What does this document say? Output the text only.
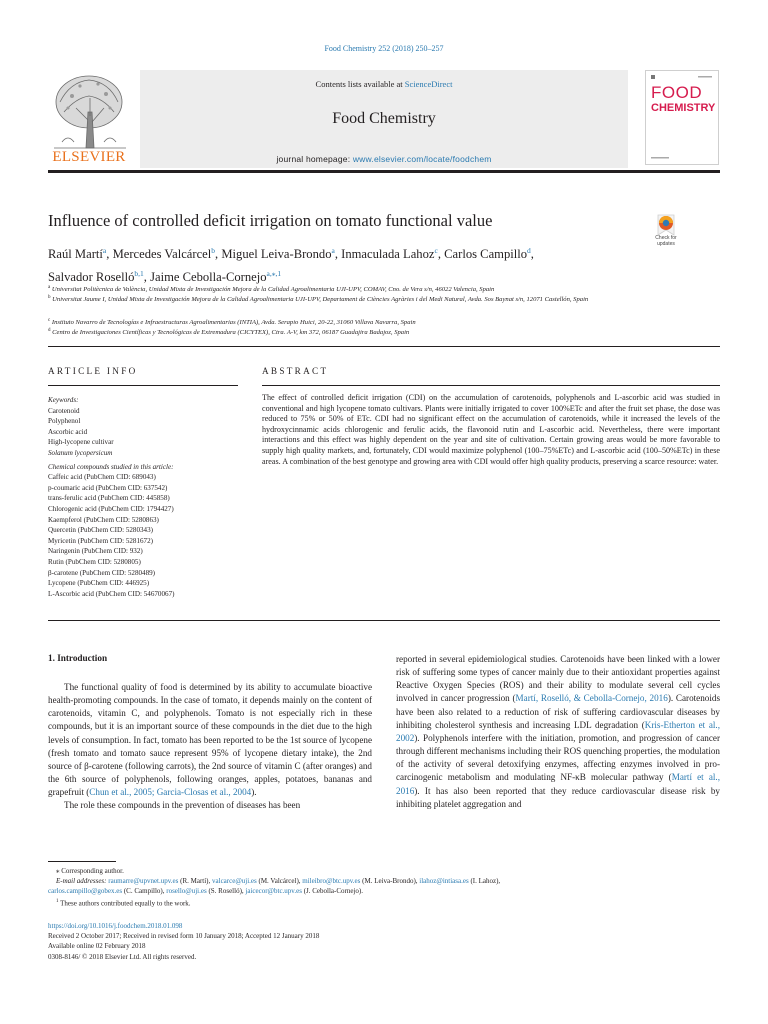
Food Chemistry 252 (2018) 250–257
ELSEVIER
Contents lists available at ScienceDirect
Food Chemistry
journal homepage: www.elsevier.com/locate/foodchem
FOOD
CHEMISTRY
Influence of controlled deficit irrigation on tomato functional value
Check for
updates
Raúl Martí$^a$, Mercedes Valcárcel$^b$, Miguel Leiva-Brondo$^a$, Inmaculada Lahoz$^c$, Carlos Campillo$^d$,
Salvador Roselló$^{b,1}$, Jaime Cebolla-Cornejo$^{a,⁎,1}$
$^a$ Universitat Politècnica de València, Unidad Mixta de Investigación Mejora de la Calidad Agroalimentaria UJI-UPV, COMAV, Cno. de Vera s/n, 46022 Valencia, Spain
$^b$ Universitat Jaume I, Unidad Mixta de Investigación Mejora de la Calidad Agroalimentaria UJI-UPV, Departament de Ciències Agràries i del Medi Natural, Avda. Sos Baynat s/n, 12071 Castellón, Spain
$^c$ Instituto Navarro de Tecnologías e Infraestructuras Agroalimentarias (INTIA), Avda. Serapio Huici, 20-22, 31060 Villava Navarra, Spain
$^d$ Centro de Investigaciones Científicas y Tecnológicas de Extremadura (CICYTEX), Ctra. A-V, km 372, 06187 Guadajira Badajoz, Spain
ARTICLE INFO	ABSTRACT
Keywords:
Carotenoid
Polyphenol
Ascorbic acid
High-lycopene cultivar
Solanum lycopersicum
Chemical compounds studied in this article:
Caffeic acid (PubChem CID: 689043)
p-coumaric acid (PubChem CID: 637542)
trans-ferulic acid (PubChem CID: 445858)
Chlorogenic acid (PubChem CID: 1794427)
Kaempferol (PubChem CID: 5280863)
Quercetin (PubChem CID: 5280343)
Myricetin (PubChem CID: 5281672)
Naringenin (PubChem CID: 932)
Rutin (PubChem CID: 5280805)
β-carotene (PubChem CID: 5280489)
Lycopene (PubChem CID: 446925)
L-Ascorbic acid (PubChem CID: 54670067)
The effect of controlled deficit irrigation (CDI) on the accumulation of carotenoids, polyphenols and L-ascorbic acid was studied in conventional and high lycopene tomato cultivars. Plants were initially irrigated to cover 100%ETc and after the fruit set phase, the dose was reduced to 75% or 50% of ETc. CDI had no significant effect on the accumulation of carotenoids, while it increased the levels of the hydroxycinnamic acids chlorogenic and ferulic acids, the flavonoid rutin and L-ascorbic acid. Nevertheless, there were important interactions and this effect was highly dependent on the year and site of cultivation. Certain growing areas would be more favorable to supply high quality markets, and, fortunately, CDI would maximize polyphenol (100–75%ETc) and L-ascorbic acid (100–50%ETc) in these areas. A combination of the best genotype and growing area with CDI would offer high quality products, preserving a scarce resource: water.
1. Introduction

The functional quality of food is determined by its ability to accumulate bioactive health-promoting compounds. In the case of tomato, it depends mainly on the content of carotenoids, vitamin C, and polyphenols. Tomato is not especially rich in these compounds, but it is an important source of these compounds in the diet due to the high levels of consumption. In fact, tomato has been reported to be the 1st source of lycopene (fresh tomato and tomato sauce represent 95% of lycopene dietary intake), the 2nd source of β-carotene (following carrots), the 2nd source of vitamin C (after oranges) and the 6th source of polyphenols, following oranges, apples, potatoes, bananas and grapefruit (Chun et al., 2005; Garcia-Closas et al., 2004).

The role these compounds in the prevention of diseases has been

reported in several epidemiological studies. Carotenoids have been linked with a lower risk of suffering some types of cancer mainly due to their antioxidant properties against Reactive Oxygen Species (ROS) and their ability to modulate several cell cycles involved in cancer progression (Martí, Roselló, & Cebolla-Cornejo, 2016). Carotenoids have been also related to a reduction of risk of suffering cardiovascular diseases by inhibiting cholesterol synthesis and increasing LDL degradation (Kris-Etherton et al., 2002). Polyphenols interfere with the initiation, promotion, and progression of cancer through different mechanisms including their ROS quenching properties, the modulation of the activity of several detoxifying enzymes, affecting enzymes involved in pro-carcinogenic metabolism and modulating NF-κB molecular pathway (Martí et al., 2016). It has also been reported that they reduce cardiovascular disease risk by inhibiting platelet aggregation and

⁎ Corresponding author.
E-mail addresses: raumarre@upvnet.upv.es (R. Martí), valcarce@uji.es (M. Valcárcel), mileibro@btc.upv.es (M. Leiva-Brondo), ilahoz@intiasa.es (I. Lahoz),
carlos.campillo@gobex.es (C. Campillo), rosello@uji.es (S. Roselló), jaicecor@btc.upv.es (J. Cebolla-Cornejo).
$^1$ These authors contributed equally to the work.
https://doi.org/10.1016/j.foodchem.2018.01.098
Received 2 October 2017; Received in revised form 10 January 2018; Accepted 12 January 2018
Available online 02 February 2018
0308-8146/ © 2018 Elsevier Ltd. All rights reserved.
